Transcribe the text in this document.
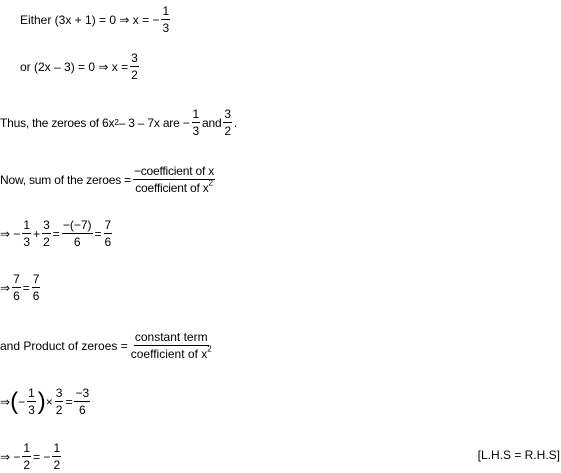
Either (3x + 1) = 0 ⇒ x = − $\frac{1}{3}$
or (2x – 3) = 0 ⇒ $x = \frac{3}{2}$
Thus, the zeroes of 6x 2 – 3 – 7x are − $\frac{1}{3}$ and $\frac{3}{2}$ .
Now, sum of the zeroes = $\frac{\text{−coefficient of x}}{coefficient of x^2}$
⇒ − $\frac{1}{3} + \frac{3}{2} = \frac{-(-7)}{6} = \frac{7}{6}$
⇒ $\frac{7}{6} = \frac{7}{6}$
and Product of zeroes = $\frac{\text{constant term}}{coefficient of x^2}$
⇒ ( − $\frac{1}{3}$ ) × $\frac{3}{2} = \frac{-3}{6}$
⇒ − $\frac{1}{2}$ = − $\frac{1}{2}$	[L.H.S = R.H.S]
